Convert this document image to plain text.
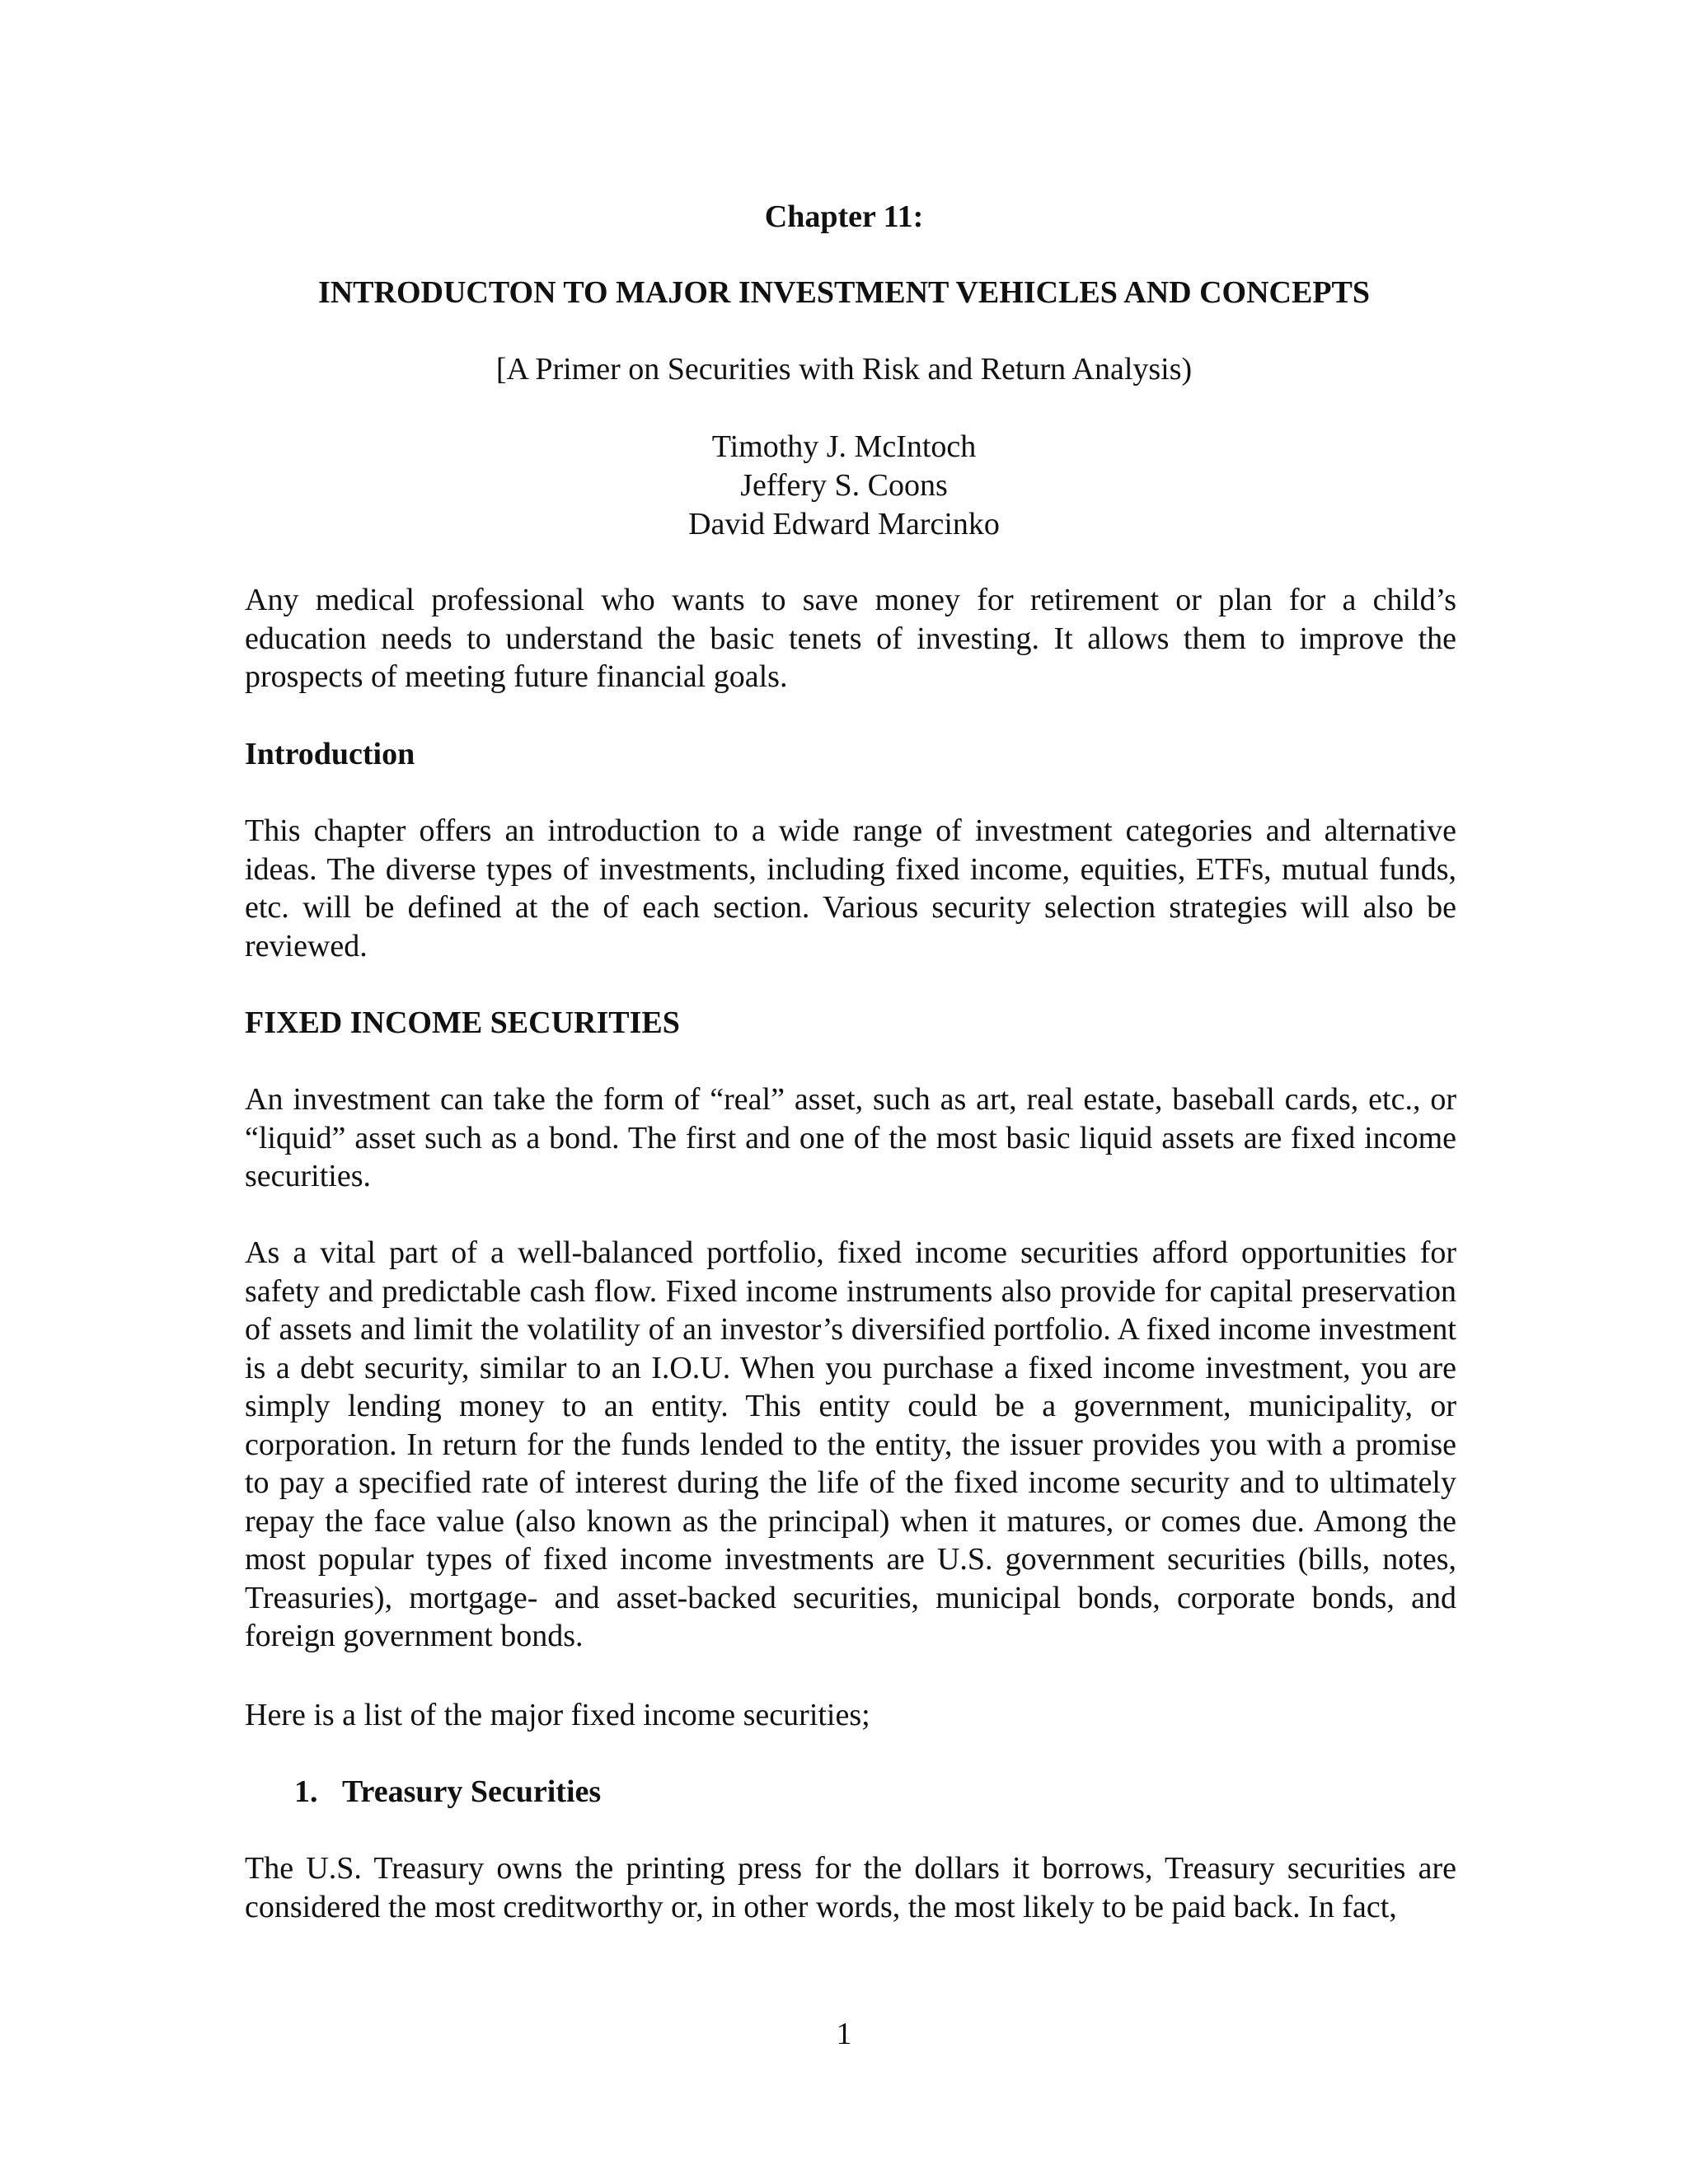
Chapter 11:

INTRODUCTON TO MAJOR INVESTMENT VEHICLES AND CONCEPTS

[A Primer on Securities with Risk and Return Analysis)

Timothy J. McIntoch
Jeffery S. Coons
David Edward Marcinko

Any medical professional who wants to save money for retirement or plan for a child’s education needs to understand the basic tenets of investing. It allows them to improve the prospects of meeting future financial goals.

Introduction

This chapter offers an introduction to a wide range of investment categories and alternative ideas. The diverse types of investments, including fixed income, equities, ETFs, mutual funds, etc. will be defined at the of each section. Various security selection strategies will also be reviewed.

FIXED INCOME SECURITIES

An investment can take the form of “real” asset, such as art, real estate, baseball cards, etc., or “liquid” asset such as a bond. The first and one of the most basic liquid assets are fixed income securities.

As a vital part of a well-balanced portfolio, fixed income securities afford opportunities for safety and predictable cash flow. Fixed income instruments also provide for capital preservation of assets and limit the volatility of an investor’s diversified portfolio. A fixed income investment is a debt security, similar to an I.O.U. When you purchase a fixed income investment, you are simply lending money to an entity. This entity could be a government, municipality, or corporation. In return for the funds lended to the entity, the issuer provides you with a promise to pay a specified rate of interest during the life of the fixed income security and to ultimately repay the face value (also known as the principal) when it matures, or comes due. Among the most popular types of fixed income investments are U.S. government securities (bills, notes, Treasuries), mortgage- and asset-backed securities, municipal bonds, corporate bonds, and foreign government bonds.

Here is a list of the major fixed income securities;

1. Treasury Securities

The U.S. Treasury owns the printing press for the dollars it borrows, Treasury securities are considered the most creditworthy or, in other words, the most likely to be paid back. In fact,

1
